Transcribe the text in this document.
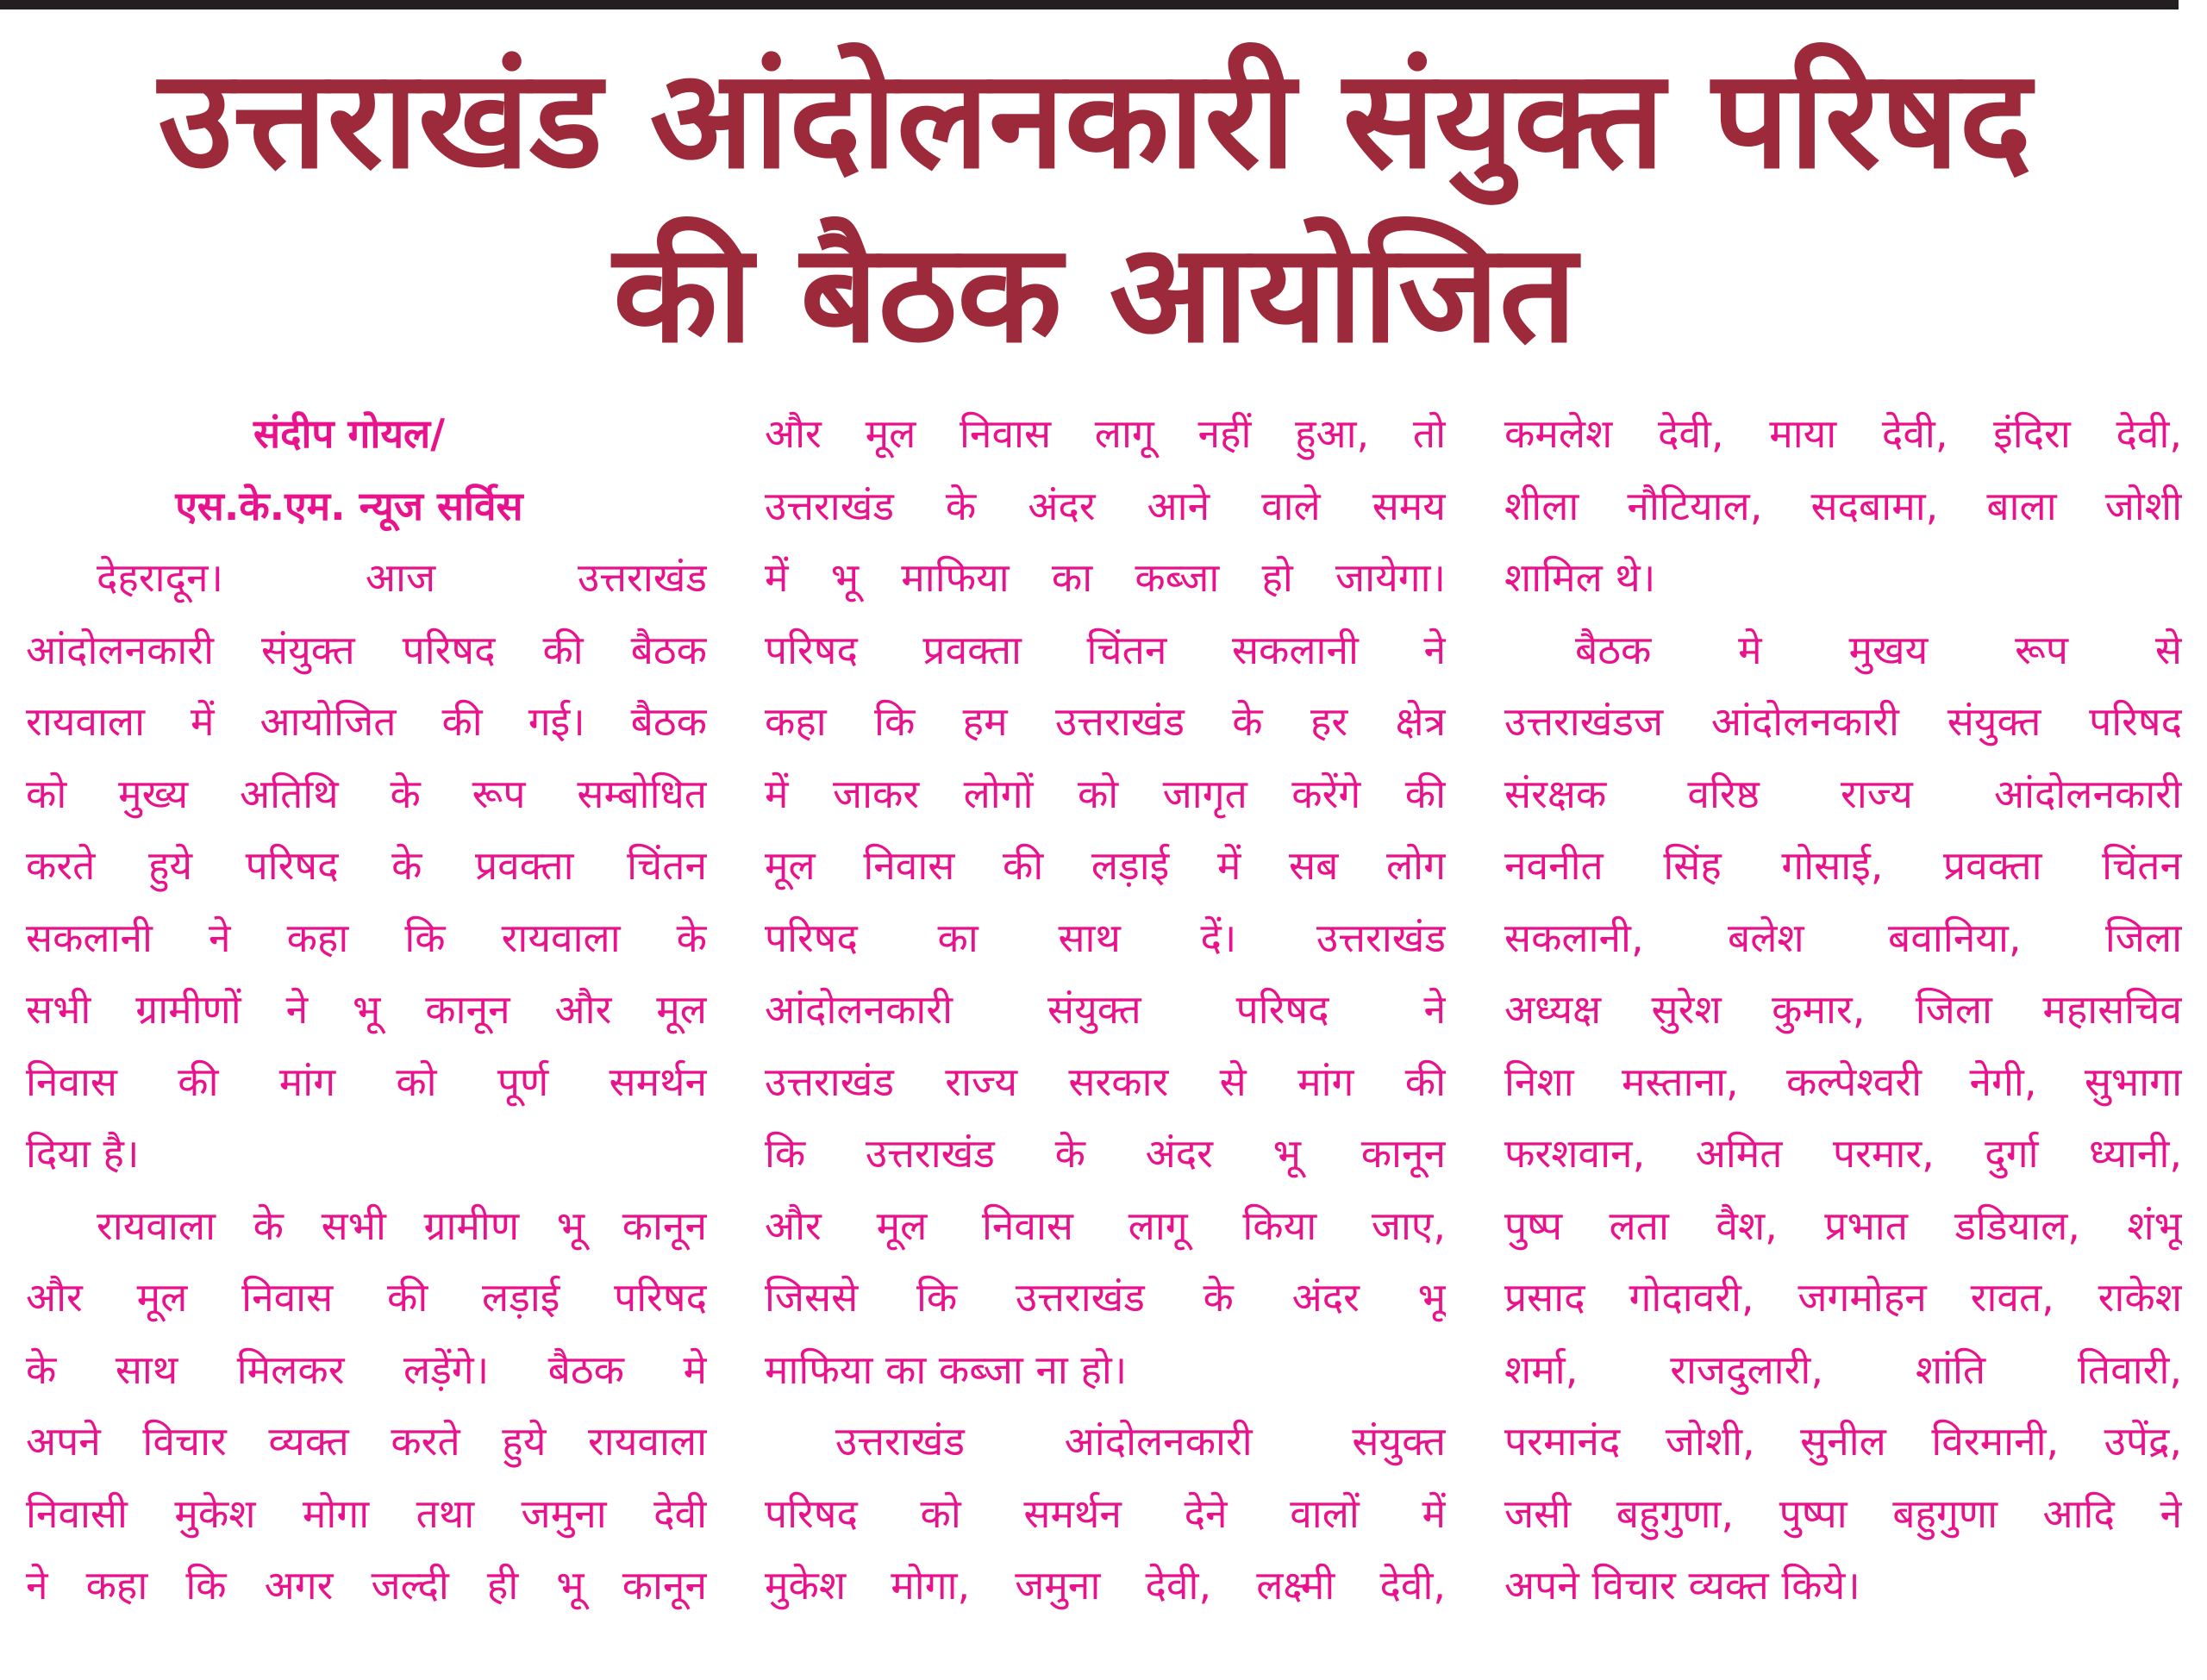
उत्तराखंड आंदोलनकारी संयुक्त परिषद
की बैठक आयोजित
संदीप गोयल/
एस.के.एम. न्यूज सर्विस
देहरादून। आज उत्तराखंड
आंदोलनकारी संयुक्त परिषद की बैठक
रायवाला में आयोजित की गई। बैठक
को मुख्य अतिथि के रूप सम्बोधित
करते हुये परिषद के प्रवक्ता चिंतन
सकलानी ने कहा कि रायवाला के
सभी ग्रामीणों ने भू कानून और मूल
निवास की मांग को पूर्ण समर्थन
दिया है।
रायवाला के सभी ग्रामीण भू कानून
और मूल निवास की लड़ाई परिषद
के साथ मिलकर लड़ेंगे। बैठक मे
अपने विचार व्यक्त करते हुये रायवाला
निवासी मुकेश मोगा तथा जमुना देवी
ने कहा कि अगर जल्दी ही भू कानून
और मूल निवास लागू नहीं हुआ, तो
उत्तराखंड के अंदर आने वाले समय
में भू माफिया का कब्जा हो जायेगा।
परिषद प्रवक्ता चिंतन सकलानी ने
कहा कि हम उत्तराखंड के हर क्षेत्र
में जाकर लोगों को जागृत करेंगे की
मूल निवास की लड़ाई में सब लोग
परिषद का साथ दें। उत्तराखंड
आंदोलनकारी संयुक्त परिषद ने
उत्तराखंड राज्य सरकार से मांग की
कि उत्तराखंड के अंदर भू कानून
और मूल निवास लागू किया जाए,
जिससे कि उत्तराखंड के अंदर भू
माफिया का कब्जा ना हो।
उत्तराखंड आंदोलनकारी संयुक्त
परिषद को समर्थन देने वालों में
मुकेश मोगा, जमुना देवी, लक्ष्मी देवी,
कमलेश देवी, माया देवी, इंदिरा देवी,
शीला नौटियाल, सदबामा, बाला जोशी
शामिल थे।
बैठक मे मुखय रूप से
उत्तराखंडज आंदोलनकारी संयुक्त परिषद
संरक्षक वरिष्ठ राज्य आंदोलनकारी
नवनीत सिंह गोसाई, प्रवक्ता चिंतन
सकलानी, बलेश बवानिया, जिला
अध्यक्ष सुरेश कुमार, जिला महासचिव
निशा मस्ताना, कल्पेश्वरी नेगी, सुभागा
फरशवान, अमित परमार, दुर्गा ध्यानी,
पुष्प लता वैश, प्रभात डडियाल, शंभू
प्रसाद गोदावरी, जगमोहन रावत, राकेश
शर्मा, राजदुलारी, शांति तिवारी,
परमानंद जोशी, सुनील विरमानी, उपेंद्र,
जसी बहुगुणा, पुष्पा बहुगुणा आदि ने
अपने विचार व्यक्त किये।
